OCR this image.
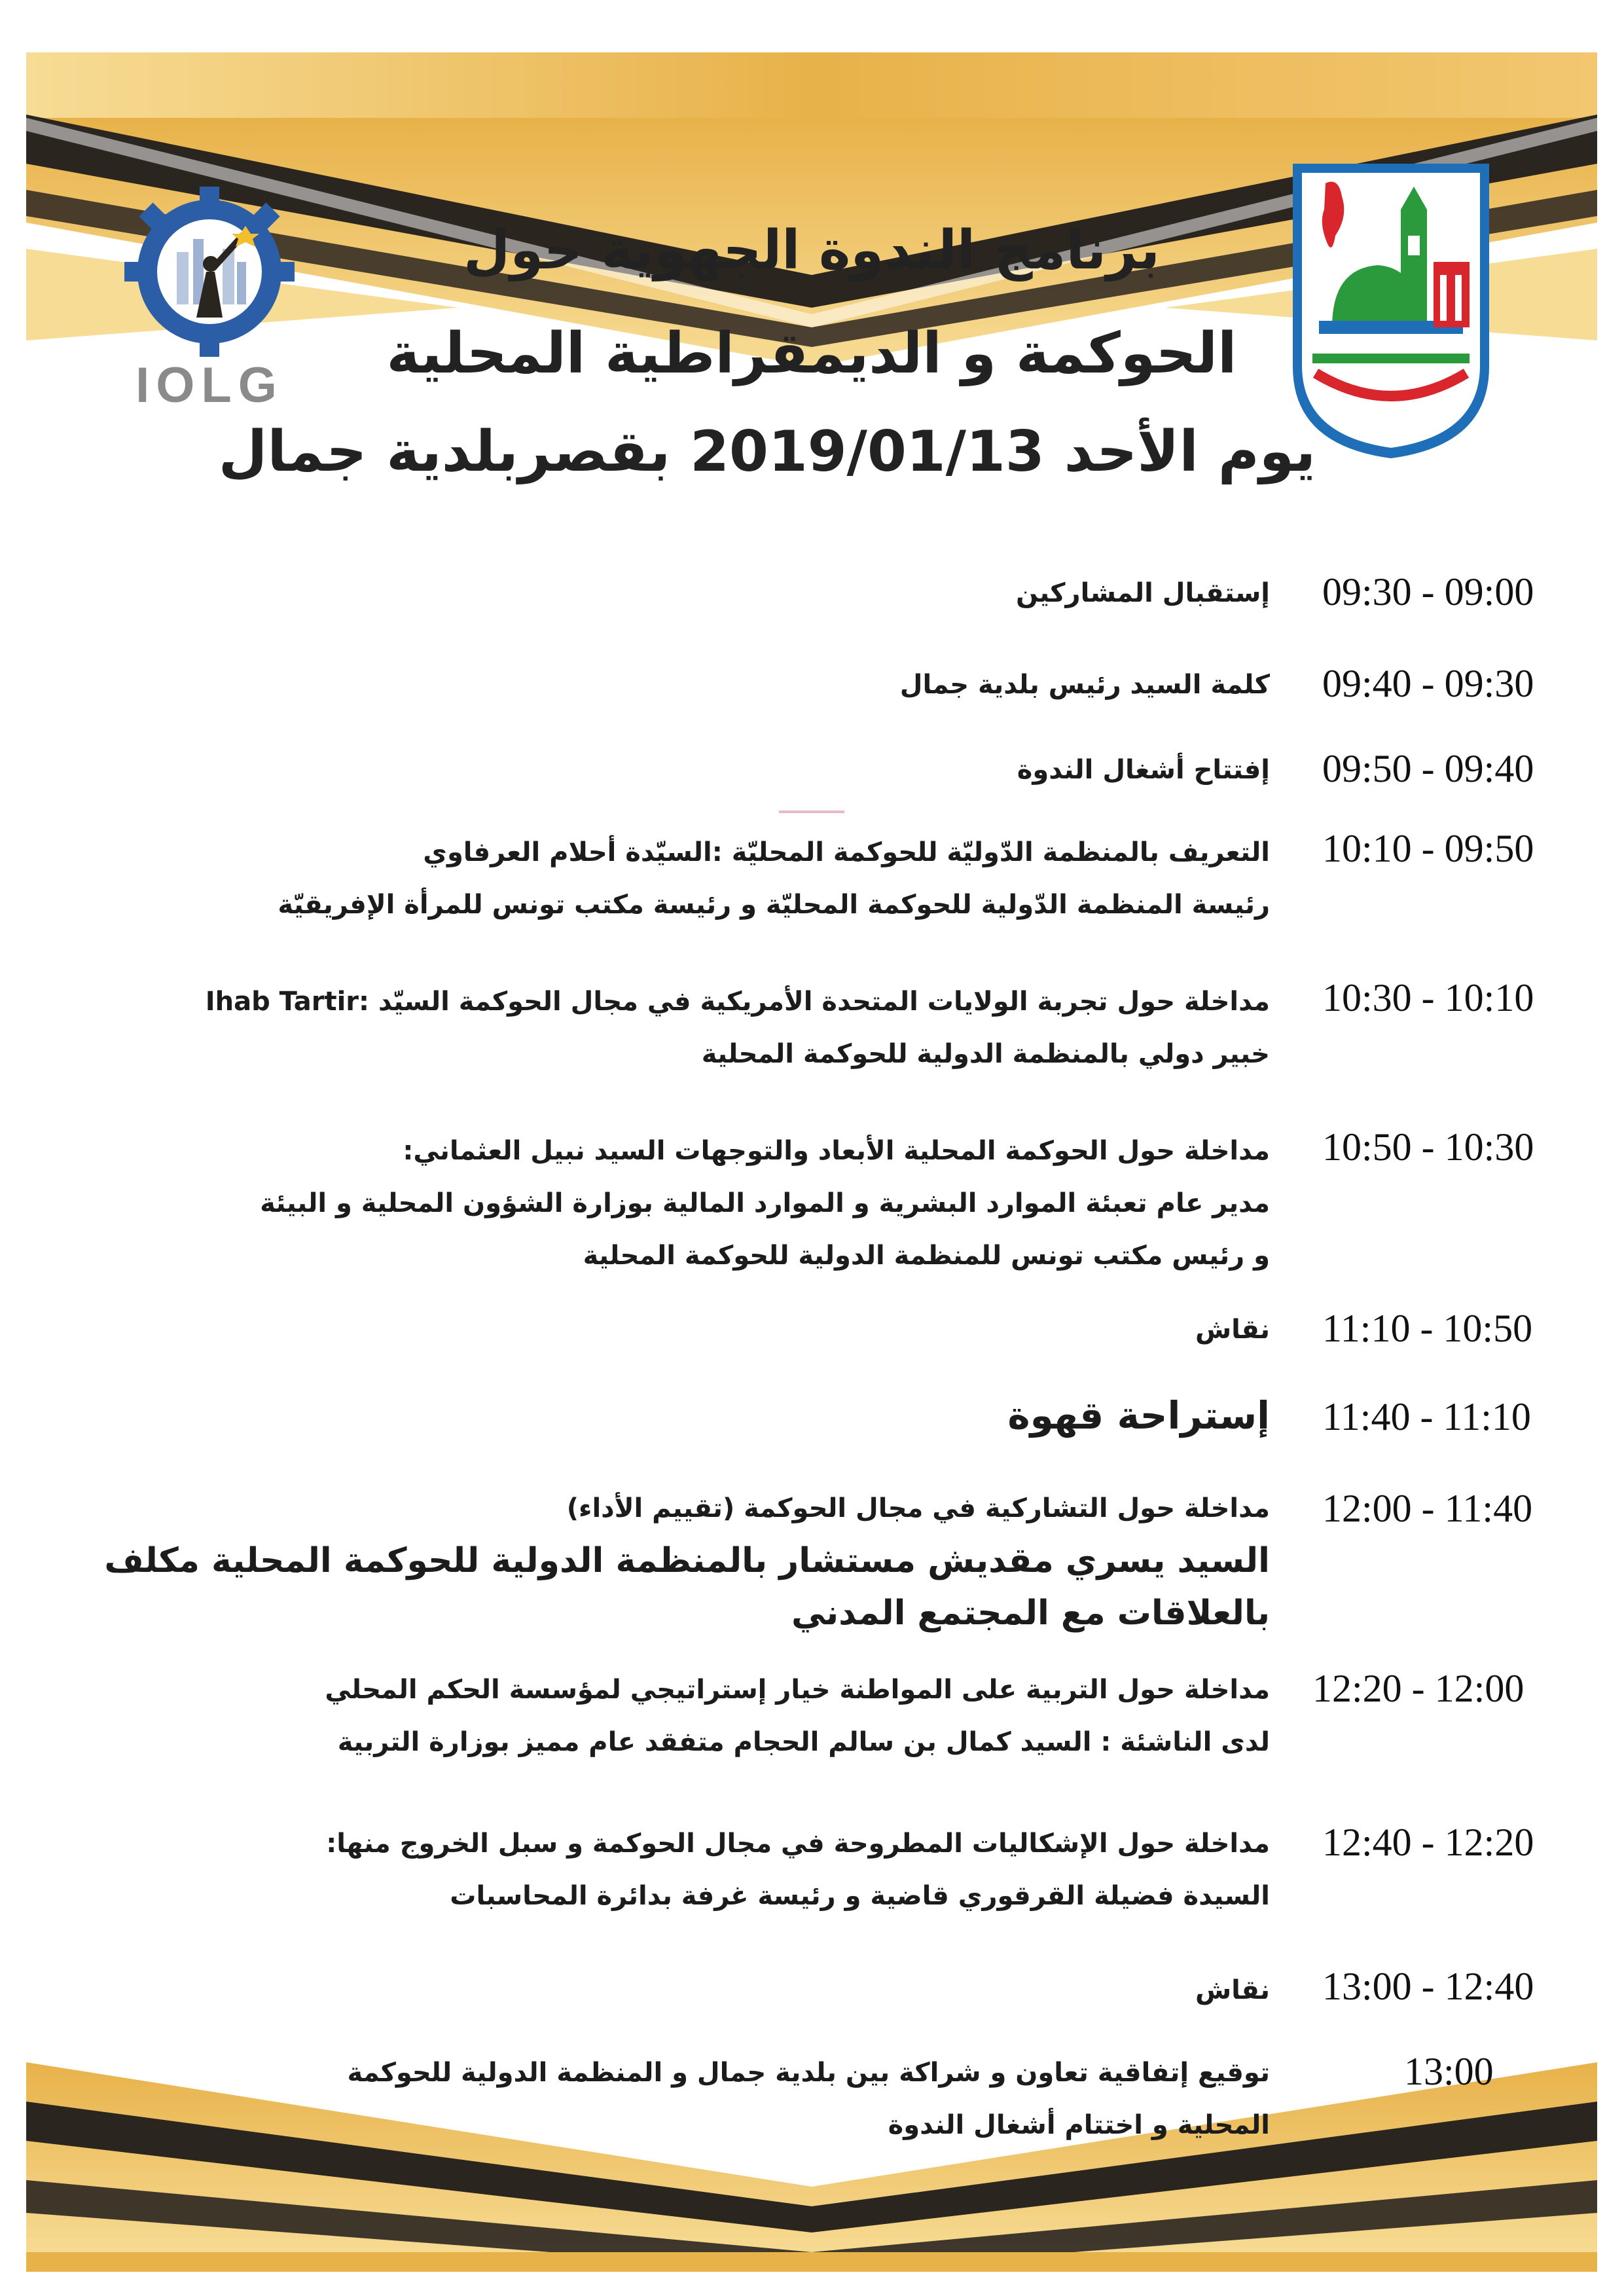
IOLG
برنامج الندوة الجهوية حول
الحوكمة و الديمقراطية المحلية
يوم الأحد 2019/01/13 بقصربلدية جمال
09:30 - 09:00
إستقبال المشاركين
09:40 - 09:30
كلمة السيد رئيس بلدية جمال
09:50 - 09:40
إفتتاح أشغال الندوة
10:10 - 09:50
التعريف بالمنظمة الدّوليّة للحوكمة المحليّة :السيّدة أحلام العرفاوي
رئيسة المنظمة الدّولية للحوكمة المحليّة و رئيسة مكتب تونس للمرأة الإفريقيّة
10:30 - 10:10
مداخلة حول تجربة الولايات المتحدة الأمريكية في مجال الحوكمة السيّد :Ihab Tartir
خبير دولي بالمنظمة الدولية للحوكمة المحلية
10:50 - 10:30
مداخلة حول الحوكمة المحلية الأبعاد والتوجهات السيد نبيل العثماني:
مدير عام تعبئة الموارد البشرية و الموارد المالية بوزارة الشؤون المحلية و البيئة
و رئيس مكتب تونس للمنظمة الدولية للحوكمة المحلية
11:10 - 10:50
نقاش
11:40 - 11:10
إستراحة قهوة
12:00 - 11:40
مداخلة حول التشاركية في مجال الحوكمة (تقييم الأداء)
السيد يسري مقديش مستشار بالمنظمة الدولية للحوكمة المحلية مكلف
بالعلاقات مع المجتمع المدني
12:20 - 12:00
مداخلة حول التربية على المواطنة خيار إستراتيجي لمؤسسة الحكم المحلي
لدى الناشئة : السيد كمال بن سالم الحجام متفقد عام مميز بوزارة التربية
12:40 - 12:20
مداخلة حول الإشكاليات المطروحة في مجال الحوكمة و سبل الخروج منها:
السيدة فضيلة القرقوري قاضية و رئيسة غرفة بدائرة المحاسبات
13:00 - 12:40
نقاش
13:00
توقيع إتفاقية تعاون و شراكة بين بلدية جمال و المنظمة الدولية للحوكمة
المحلية و اختتام أشغال الندوة
